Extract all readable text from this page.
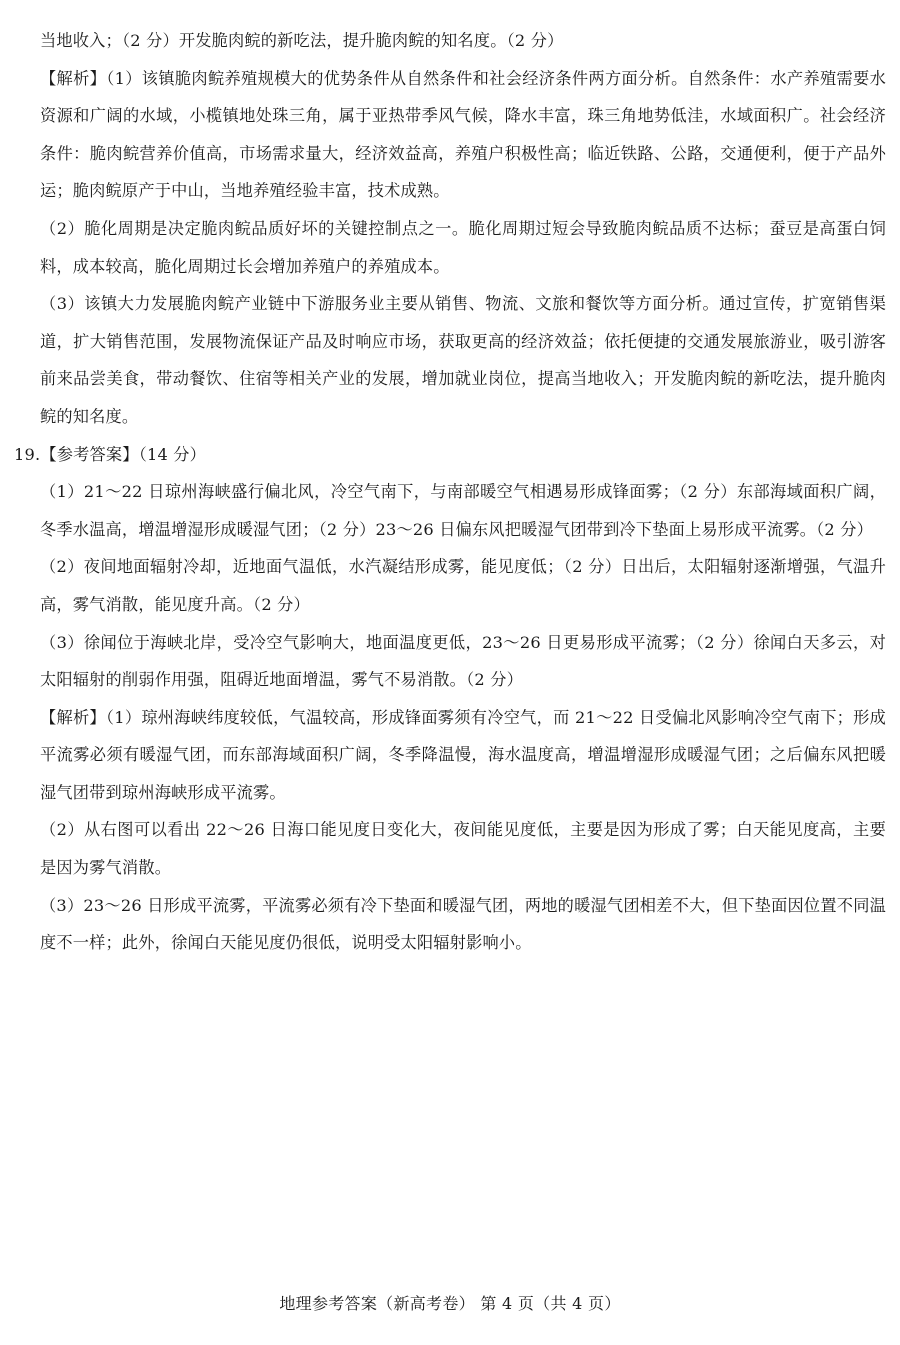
当地收入；（2 分）开发脆肉鲩的新吃法，提升脆肉鲩的知名度。（2 分）

【解析】（1）该镇脆肉鲩养殖规模大的优势条件从自然条件和社会经济条件两方面分析。自然条件：水产养殖需要水资源和广阔的水域，小榄镇地处珠三角，属于亚热带季风气候，降水丰富，珠三角地势低洼，水域面积广。社会经济条件：脆肉鲩营养价值高，市场需求量大，经济效益高，养殖户积极性高；临近铁路、公路，交通便利，便于产品外运；脆肉鲩原产于中山，当地养殖经验丰富，技术成熟。

（2）脆化周期是决定脆肉鲩品质好坏的关键控制点之一。脆化周期过短会导致脆肉鲩品质不达标；蚕豆是高蛋白饲料，成本较高，脆化周期过长会增加养殖户的养殖成本。

（3）该镇大力发展脆肉鲩产业链中下游服务业主要从销售、物流、文旅和餐饮等方面分析。通过宣传，扩宽销售渠道，扩大销售范围，发展物流保证产品及时响应市场，获取更高的经济效益；依托便捷的交通发展旅游业，吸引游客前来品尝美食，带动餐饮、住宿等相关产业的发展，增加就业岗位，提高当地收入；开发脆肉鲩的新吃法，提升脆肉鲩的知名度。

19.【参考答案】（14 分）

（1）21～22 日琼州海峡盛行偏北风，冷空气南下，与南部暖空气相遇易形成锋面雾；（2 分）东部海域面积广阔，冬季水温高，增温增湿形成暖湿气团；（2 分）23～26 日偏东风把暖湿气团带到冷下垫面上易形成平流雾。（2 分）

（2）夜间地面辐射冷却，近地面气温低，水汽凝结形成雾，能见度低；（2 分）日出后，太阳辐射逐渐增强，气温升高，雾气消散，能见度升高。（2 分）

（3）徐闻位于海峡北岸，受冷空气影响大，地面温度更低，23～26 日更易形成平流雾；（2 分）徐闻白天多云，对太阳辐射的削弱作用强，阻碍近地面增温，雾气不易消散。（2 分）

【解析】（1）琼州海峡纬度较低，气温较高，形成锋面雾须有冷空气，而 21～22 日受偏北风影响冷空气南下；形成平流雾必须有暖湿气团，而东部海域面积广阔，冬季降温慢，海水温度高，增温增湿形成暖湿气团；之后偏东风把暖湿气团带到琼州海峡形成平流雾。

（2）从右图可以看出 22～26 日海口能见度日变化大，夜间能见度低，主要是因为形成了雾；白天能见度高，主要是因为雾气消散。

（3）23～26 日形成平流雾，平流雾必须有冷下垫面和暖湿气团，两地的暖湿气团相差不大，但下垫面因位置不同温度不一样；此外，徐闻白天能见度仍很低，说明受太阳辐射影响小。

地理参考答案（新高考卷） 第 4 页（共 4 页）
